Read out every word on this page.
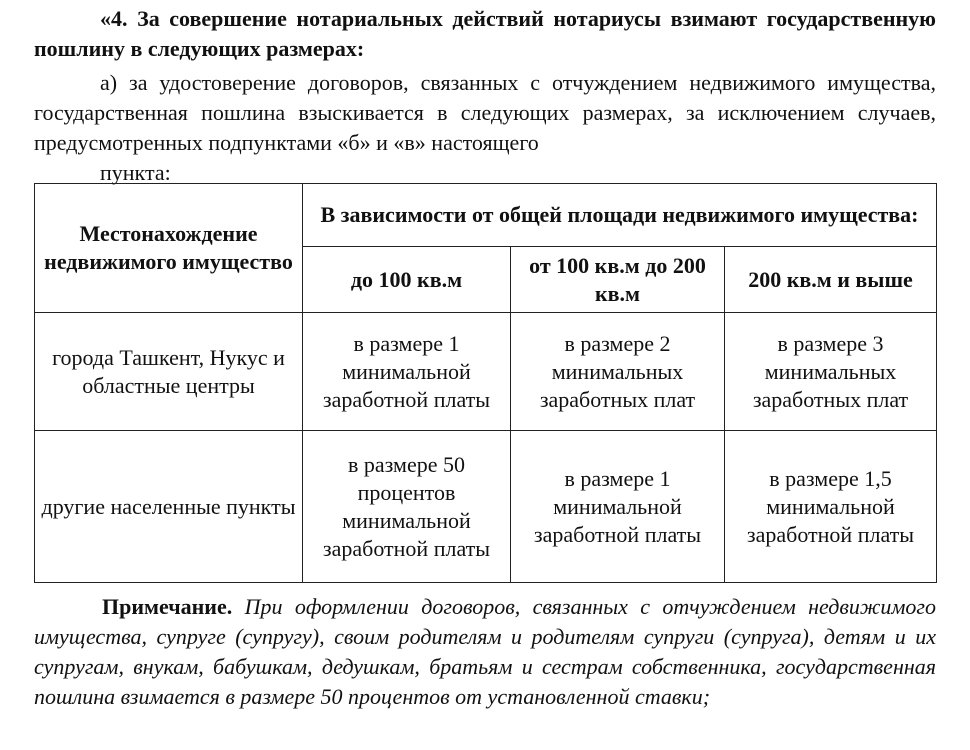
«4. За совершение нотариальных действий нотариусы взимают государственную пошлину в следующих размерах:

а) за удостоверение договоров, связанных с отчуждением недвижимого имущества, государственная пошлина взыскивается в следующих размерах, за исключением случаев, предусмотренных подпунктами «б» и «в» настоящего
пункта:

Местонахождение недвижимого имущество	В зависимости от общей площади недвижимого имущества:		
	до 100 кв.м	от 100 кв.м до 200 кв.м	200 кв.м и выше
города Ташкент, Нукус и областные центры	в размере 1 минимальной заработной платы	в размере 2 минимальных заработных плат	в размере 3 минимальных заработных плат
другие населенные пункты	в размере 50 процентов минимальной заработной платы	в размере 1 минимальной заработной платы	в размере 1,5 минимальной заработной платы

Примечание. При оформлении договоров, связанных с отчуждением недвижимого имущества, супруге (супругу), своим родителям и родителям супруги (супруга), детям и их супругам, внукам, бабушкам, дедушкам, братьям и сестрам собственника, государственная пошлина взимается в размере 50 процентов от установленной ставки;
